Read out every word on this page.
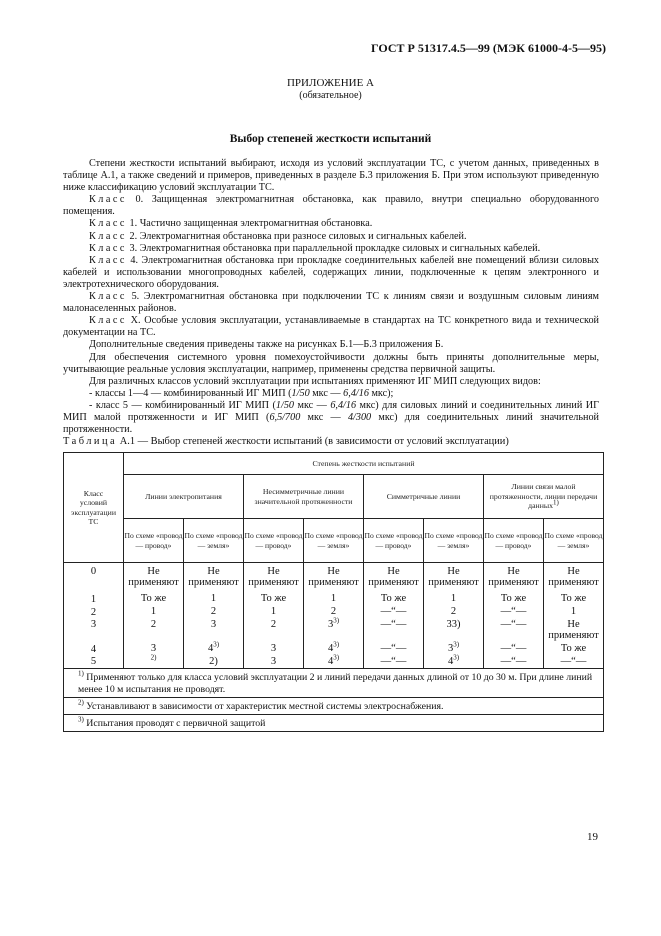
ГОСТ Р 51317.4.5—99 (МЭК 61000-4-5—95)
ПРИЛОЖЕНИЕ А
(обязательное)
Выбор степеней жесткости испытаний

Степени жесткости испытаний выбирают, исходя из условий эксплуатации ТС, с учетом данных, приведенных в таблице А.1, а также сведений и примеров, приведенных в разделе Б.3 приложения Б. При этом используют приведенную ниже классификацию условий эксплуатации ТС.

Класс 0. Защищенная электромагнитная обстановка, как правило, внутри специально оборудованного помещения.

Класс 1. Частично защищенная электромагнитная обстановка.

Класс 2. Электромагнитная обстановка при разносе силовых и сигнальных кабелей.

Класс 3. Электромагнитная обстановка при параллельной прокладке силовых и сигнальных кабелей.

Класс 4. Электромагнитная обстановка при прокладке соединительных кабелей вне помещений вблизи силовых кабелей и использовании многопроводных кабелей, содержащих линии, подключенные к цепям электронного и электротехнического оборудования.

Класс 5. Электромагнитная обстановка при подключении ТС к линиям связи и воздушным силовым линиям малонаселенных районов.

Класс X. Особые условия эксплуатации, устанавливаемые в стандартах на ТС конкретного вида и технической документации на ТС.

Дополнительные сведения приведены также на рисунках Б.1—Б.3 приложения Б.

Для обеспечения системного уровня помехоустойчивости должны быть приняты дополнительные меры, учитывающие реальные условия эксплуатации, например, применены средства первичной защиты.

Для различных классов условий эксплуатации при испытаниях применяют ИГ МИП следующих видов:

- классы 1—4 — комбинированный ИГ МИП (1/50 мкс — 6,4/16 мкс);

- класс 5 — комбинированный ИГ МИП (1/50 мкс — 6,4/16 мкс) для силовых линий и соединительных линий ИГ МИП малой протяженности и ИГ МИП (6,5/700 мкс — 4/300 мкс) для соединительных линий значительной протяженности.

Таблица А.1 — Выбор степеней жесткости испытаний (в зависимости от условий эксплуатации)
Класс условий эксплуатации ТС	Степень жесткости испытаний							
	Линии электропитания		Несимметричные линии значительной протяженности		Симметричные линии		Линии связи малой протяженности, линии передачи данных$^{1)}$
	По схеме «провод— провод»	По схеме «провод— земля»	По схеме «провод— провод»	По схеме «провод— земля»	По схеме «провод— провод»	По схеме «провод— земля»	По схеме «провод— провод»	По схеме «провод— земля»
0	Не применяют	Не применяют	Не применяют	Не применяют	Не применяют	Не применяют	Не применяют	Не применяют
1	То же	1	То же	1	То же	1	То же	То же
2	1	2	1	2	—“—	2	—“—	1
3	2	3	2	3$^{3)}$	—“—	33)	—“—	Не применяют
4	3	4$^{3)}$	3	4$^{3)}$	—“—	3$^{3)}$	—“—	То же
5	$^{2)}$	2)	3	4$^{3)}$	—“—	4$^{3)}$	—“—	—“—
$^{1)}$ Применяют только для класса условий эксплуатации 2 и линий передачи данных длиной от 10 до 30 м. При длине линий менее 10 м испытания не проводят.								
$^{2)}$ Устанавливают в зависимости от характеристик местной системы электроснабжения.								
$^{3)}$ Испытания проводят с первичной защитой								
19
